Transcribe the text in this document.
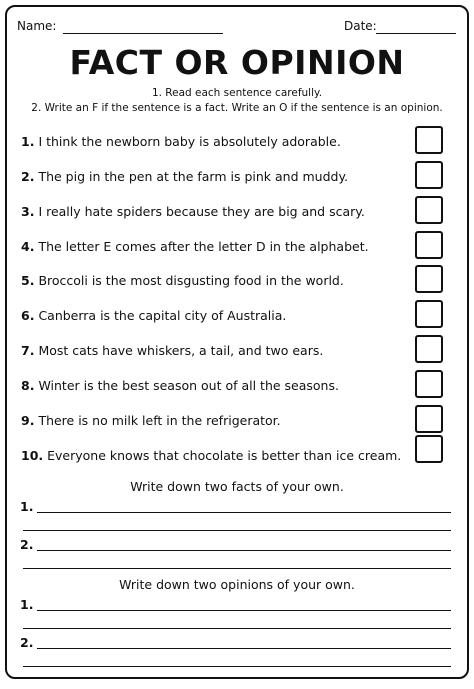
Name:	Date:
FACT OR OPINION
1. Read each sentence carefully.
2. Write an F if the sentence is a fact. Write an O if the sentence is an opinion.
1. I think the newborn baby is absolutely adorable.
2. The pig in the pen at the farm is pink and muddy.
3. I really hate spiders because they are big and scary.
4. The letter E comes after the letter D in the alphabet.
5. Broccoli is the most disgusting food in the world.
6. Canberra is the capital city of Australia.
7. Most cats have whiskers, a tail, and two ears.
8. Winter is the best season out of all the seasons.
9. There is no milk left in the refrigerator.
10. Everyone knows that chocolate is better than ice cream.
Write down two facts of your own.
1.
2.
Write down two opinions of your own.
1.
2.
